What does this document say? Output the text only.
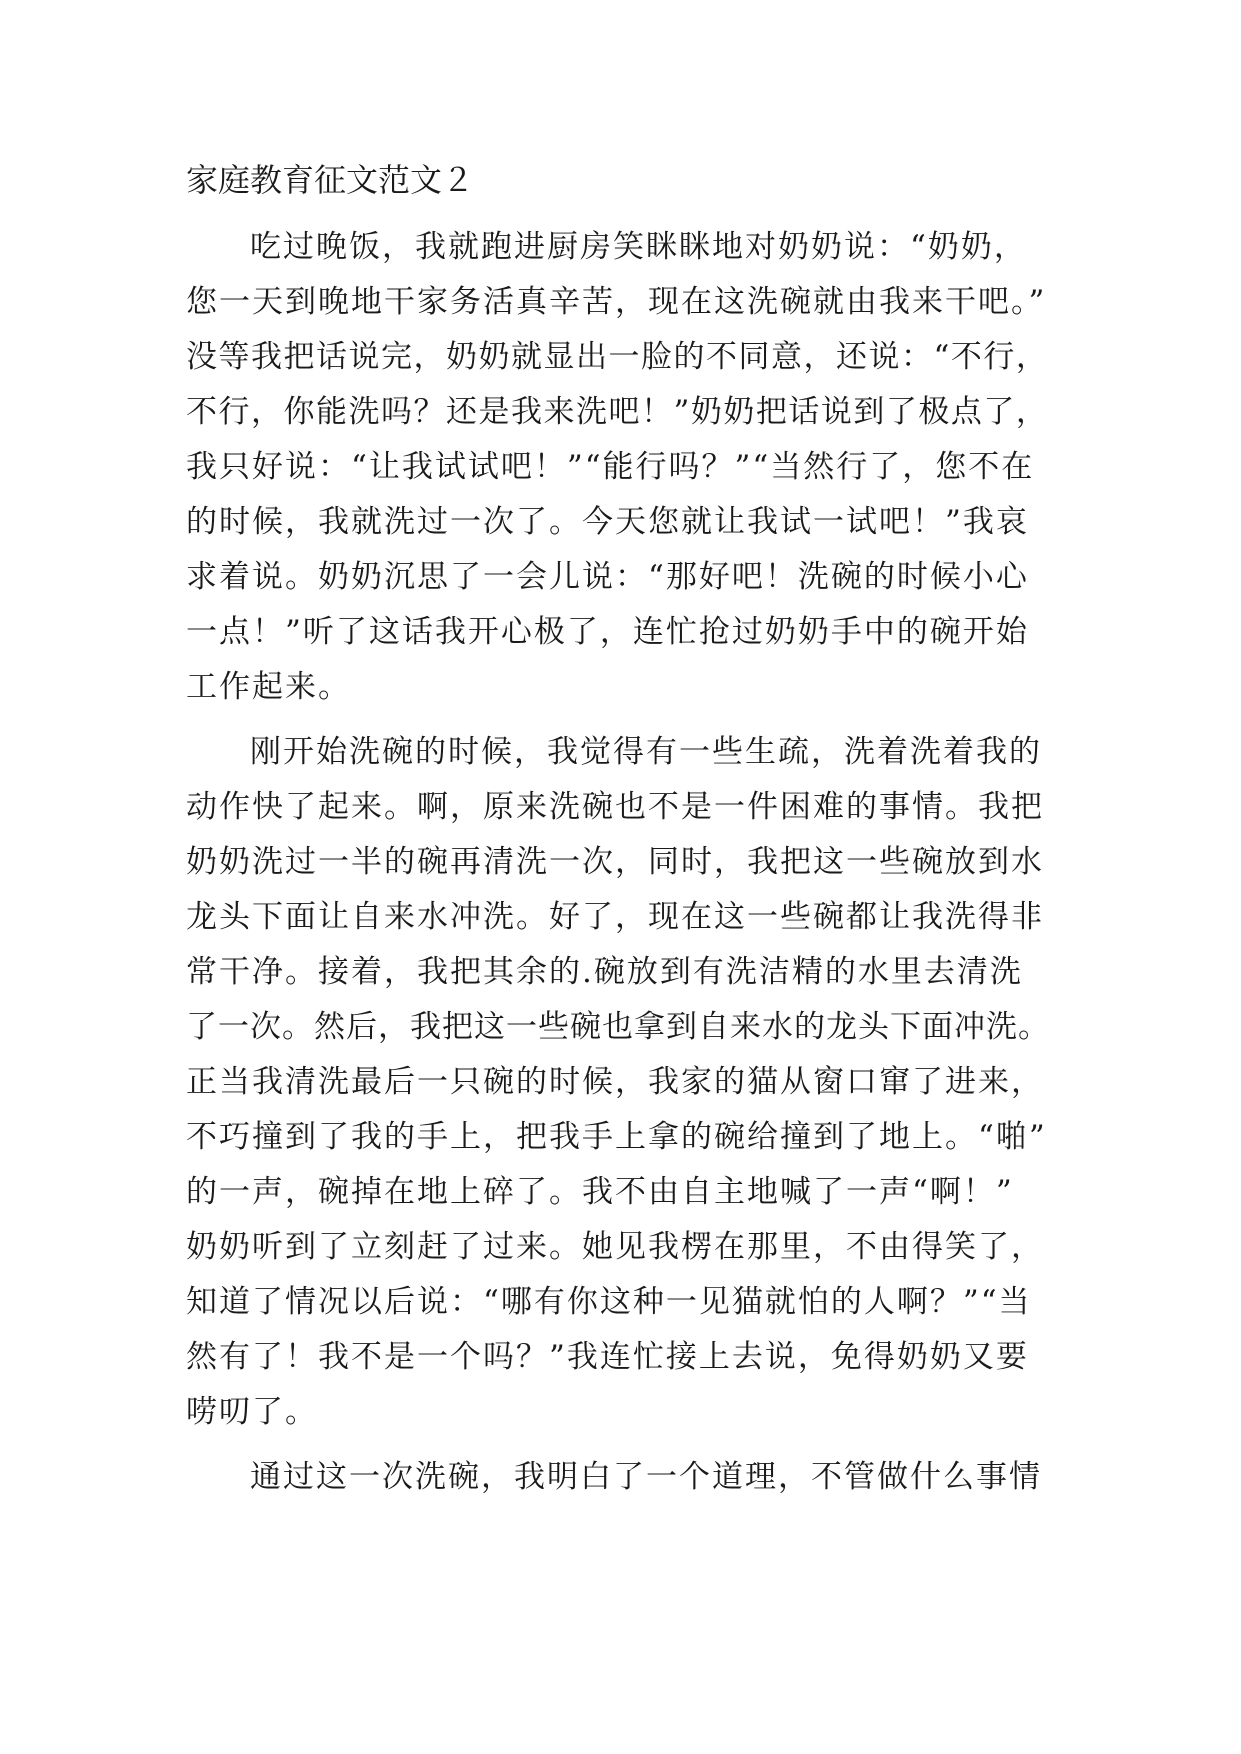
家庭教育征文范文２
吃过晚饭，我就跑进厨房笑眯眯地对奶奶说：“奶奶，
您一天到晚地干家务活真辛苦，现在这洗碗就由我来干吧。”
没等我把话说完，奶奶就显出一脸的不同意，还说：“不行，
不行，你能洗吗？还是我来洗吧！”奶奶把话说到了极点了，
我只好说：“让我试试吧！”“能行吗？”“当然行了，您不在
的时候，我就洗过一次了。今天您就让我试一试吧！”我哀
求着说。奶奶沉思了一会儿说：“那好吧！洗碗的时候小心
一点！”听了这话我开心极了，连忙抢过奶奶手中的碗开始
工作起来。
刚开始洗碗的时候，我觉得有一些生疏，洗着洗着我的
动作快了起来。啊，原来洗碗也不是一件困难的事情。我把
奶奶洗过一半的碗再清洗一次，同时，我把这一些碗放到水
龙头下面让自来水冲洗。好了，现在这一些碗都让我洗得非
常干净。接着，我把其余的.碗放到有洗洁精的水里去清洗
了一次。然后，我把这一些碗也拿到自来水的龙头下面冲洗。
正当我清洗最后一只碗的时候，我家的猫从窗口窜了进来，
不巧撞到了我的手上，把我手上拿的碗给撞到了地上。“啪”
的一声，碗掉在地上碎了。我不由自主地喊了一声“啊！”
奶奶听到了立刻赶了过来。她见我楞在那里，不由得笑了，
知道了情况以后说：“哪有你这种一见猫就怕的人啊？”“当
然有了！我不是一个吗？”我连忙接上去说，免得奶奶又要
唠叨了。
通过这一次洗碗，我明白了一个道理，不管做什么事情
